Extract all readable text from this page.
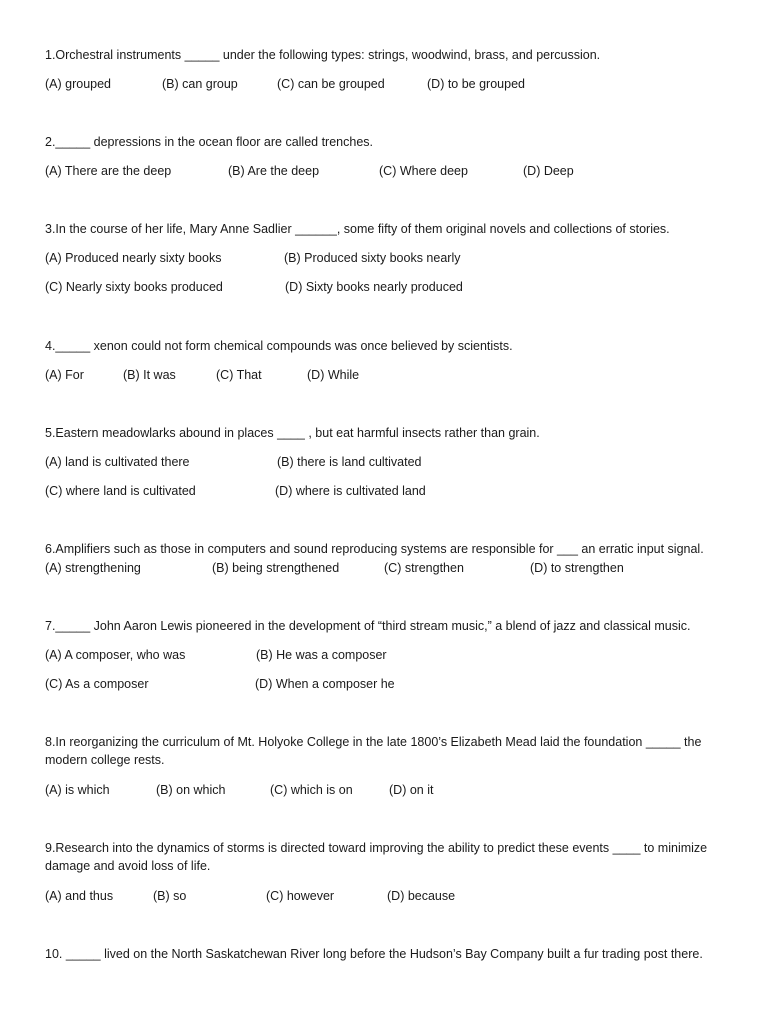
1.Orchestral instruments _____ under the following types: strings, woodwind, brass, and percussion.
(A) grouped	(B) can group	(C) can be grouped	(D) to be grouped
2._____ depressions in the ocean floor are called trenches.
(A) There are the deep	(B) Are the deep	(C) Where deep	(D) Deep
3.In the course of her life, Mary Anne Sadlier ______, some fifty of them original novels and collections of stories.
(A) Produced nearly sixty books	(B) Produced sixty books nearly
(C) Nearly sixty books produced	(D) Sixty books nearly produced
4._____ xenon could not form chemical compounds was once believed by scientists.
(A) For	(B) It was	(C) That	(D) While
5.Eastern meadowlarks abound in places ____ , but eat harmful insects rather than grain.
(A) land is cultivated there	(B) there is land cultivated
(C) where land is cultivated	(D) where is cultivated land
6.Amplifiers such as those in computers and sound reproducing systems are responsible for ___ an erratic input signal.
(A) strengthening	(B) being strengthened	(C) strengthen	(D) to strengthen
7._____ John Aaron Lewis pioneered in the development of “third stream music,” a blend of jazz and classical music.
(A) A composer, who was	(B) He was a composer
(C) As a composer	(D) When a composer he
8.In reorganizing the curriculum of Mt. Holyoke College in the late 1800’s Elizabeth Mead laid the foundation _____ the modern college rests.
(A) is which	(B) on which	(C) which is on	(D) on it
9.Research into the dynamics of storms is directed toward improving the ability to predict these events ____ to minimize damage and avoid loss of life.
(A) and thus	(B) so	(C) however	(D) because
10. _____ lived on the North Saskatchewan River long before the Hudson’s Bay Company built a fur trading post there.
